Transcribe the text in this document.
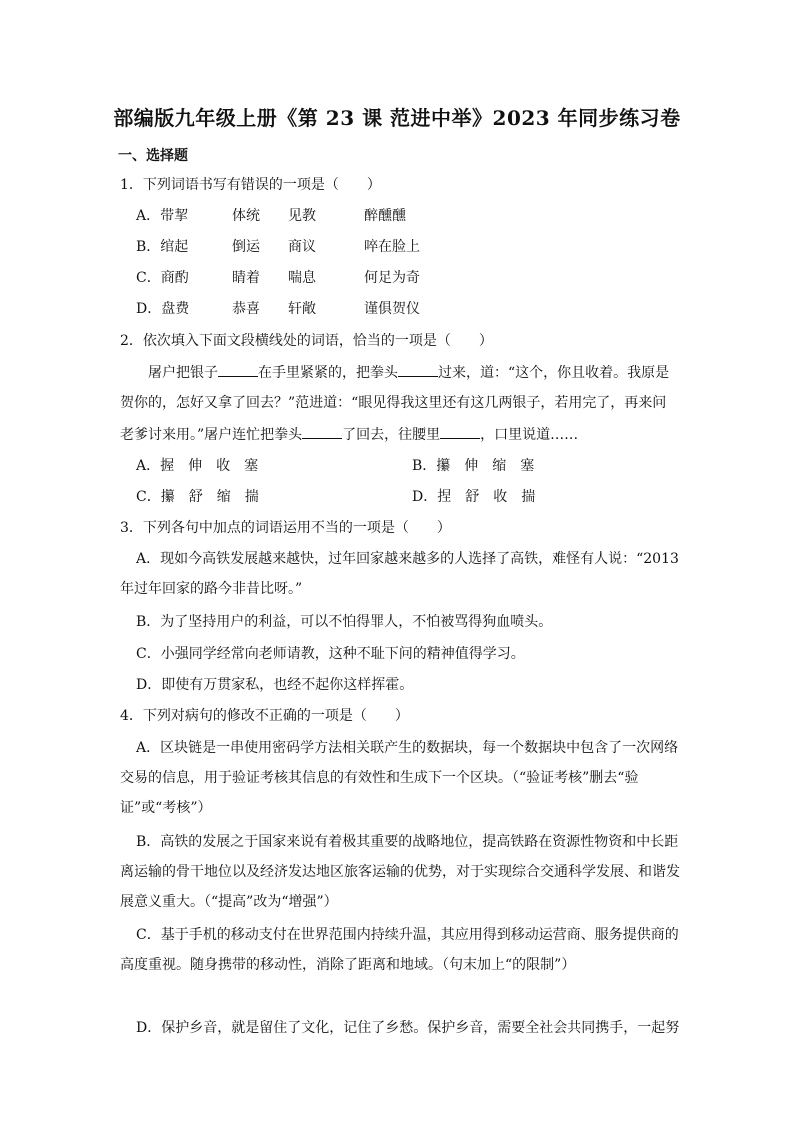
部编版九年级上册《第 23 课 范进中举》2023 年同步练习卷
一、选择题
1．下列词语书写有错误的一项是（　　）
A．带挈	体统 见教	醉醺醺
B．绾起	倒运 商议	啐在脸上
C．商酌	睛着 喘息	何足为奇
D．盘费	恭喜 轩敞	谨俱贺仪
2．依次填入下面文段横线处的词语，恰当的一项是（　　）
屠户把银子	在手里紧紧的，把拳头	过来，道：“这个，你且收着。我原是
贺你的，怎好又拿了回去？”范进道：“眼见得我这里还有这几两银子，若用完了，再来问
老爹讨来用。”屠户连忙把拳头	了回去，往腰里	，口里说道……
A．握　伸　收　塞	B．攥　伸　缩　塞
C．攥　舒　缩　揣	D．捏　舒　收　揣
3．下列各句中加点的词语运用不当的一项是（　　）
A．现如今高铁发展越来越快，过年回家越来越多的人选择了高铁，难怪有人说：“2013年过年回家的路今非昔比呀。”
B．为了坚持用户的利益，可以不怕得罪人，不怕被骂得狗血喷头。
C．小强同学经常向老师请教，这种不耻下问的精神值得学习。
D．即使有万贯家私，也经不起你这样挥霍。
4．下列对病句的修改不正确的一项是（　　）
A．区块链是一串使用密码学方法相关联产生的数据块，每一个数据块中包含了一次网络交易的信息，用于验证考核其信息的有效性和生成下一个区块。（“验证考核”删去“验证”或“考核”）
B．高铁的发展之于国家来说有着极其重要的战略地位，提高铁路在资源性物资和中长距离运输的骨干地位以及经济发达地区旅客运输的优势，对于实现综合交通科学发展、和谐发展意义重大。（“提高”改为“增强”）
C．基于手机的移动支付在世界范围内持续升温，其应用得到移动运营商、服务提供商的高度重视。随身携带的移动性，消除了距离和地域。（句末加上“的限制”）
D．保护乡音，就是留住了文化，记住了乡愁。保护乡音，需要全社会共同携手，一起努
